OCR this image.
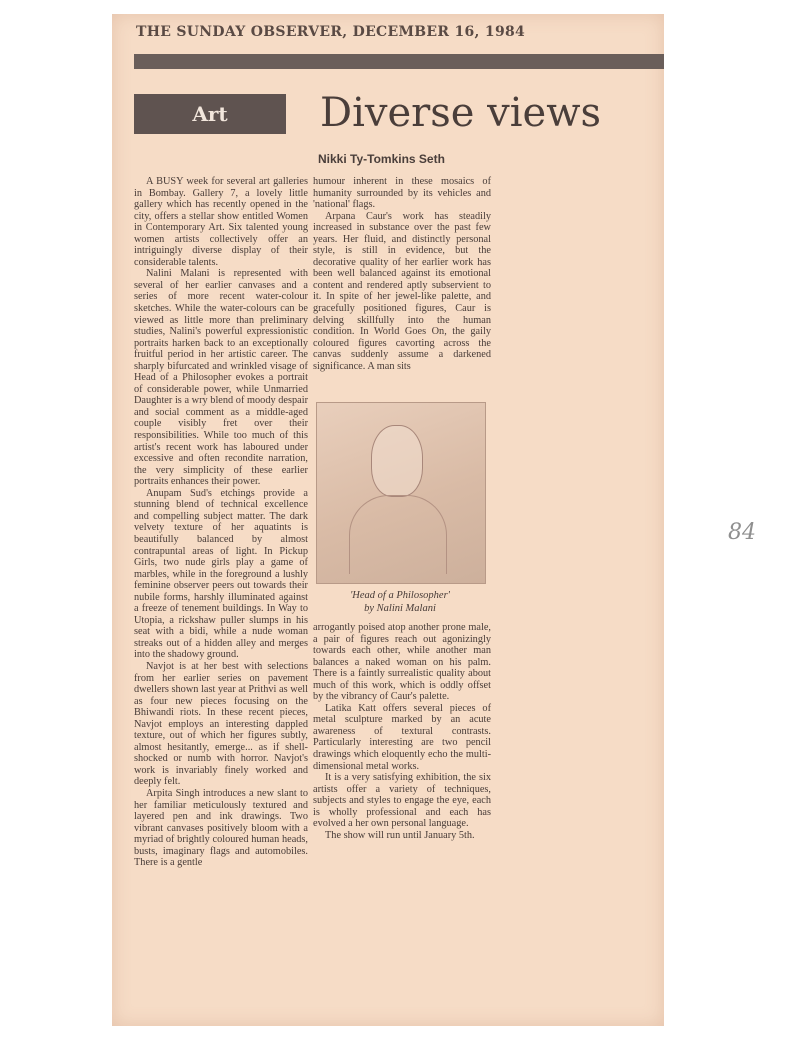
THE SUNDAY OBSERVER, DECEMBER 16, 1984
Art Diverse views
Nikki Ty-Tomkins Seth

A BUSY week for several art galleries in Bombay. Gallery 7, a lovely little gallery which has recently opened in the city, offers a stellar show entitled Women in Contemporary Art. Six talented young women artists collectively offer an intriguingly diverse display of their considerable talents.

Nalini Malani is represented with several of her earlier canvases and a series of more recent water-colour sketches. While the water-colours can be viewed as little more than preliminary studies, Nalini's powerful expressionistic portraits harken back to an exceptionally fruitful period in her artistic career. The sharply bifurcated and wrinkled visage of Head of a Philosopher evokes a portrait of considerable power, while Unmarried Daughter is a wry blend of moody despair and social comment as a middle-aged couple visibly fret over their responsibilities. While too much of this artist's recent work has laboured under excessive and often recondite narration, the very simplicity of these earlier portraits enhances their power.

Anupam Sud's etchings provide a stunning blend of technical excellence and compelling subject matter. The dark velvety texture of her aquatints is beautifully balanced by almost contrapuntal areas of light. In Pickup Girls, two nude girls play a game of marbles, while in the foreground a lushly feminine observer peers out towards their nubile forms, harshly illuminated against a freeze of tenement buildings. In Way to Utopia, a rickshaw puller slumps in his seat with a bidi, while a nude woman streaks out of a hidden alley and merges into the shadowy ground.

Navjot is at her best with selections from her earlier series on pavement dwellers shown last year at Prithvi as well as four new pieces focusing on the Bhiwandi riots. In these recent pieces, Navjot employs an interesting dappled texture, out of which her figures subtly, almost hesitantly, emerge... as if shell-shocked or numb with horror. Navjot's work is invariably finely worked and deeply felt.

Arpita Singh introduces a new slant to her familiar meticulously textured and layered pen and ink drawings. Two vibrant canvases positively bloom with a myriad of brightly coloured human heads, busts, imaginary flags and automobiles. There is a gentle

humour inherent in these mosaics of humanity surrounded by its vehicles and 'national' flags.

Arpana Caur's work has steadily increased in substance over the past few years. Her fluid, and distinctly personal style, is still in evidence, but the decorative quality of her earlier work has been well balanced against its emotional content and rendered aptly subservient to it. In spite of her jewel-like palette, and gracefully positioned figures, Caur is delving skillfully into the human condition. In World Goes On, the gaily coloured figures cavorting across the canvas suddenly assume a darkened significance. A man sits

'Head of a Philosopher'
by Nalini Malani

arrogantly poised atop another prone male, a pair of figures reach out agonizingly towards each other, while another man balances a naked woman on his palm. There is a faintly surrealistic quality about much of this work, which is oddly offset by the vibrancy of Caur's palette.

Latika Katt offers several pieces of metal sculpture marked by an acute awareness of textural contrasts. Particularly interesting are two pencil drawings which eloquently echo the multi-dimensional metal works.

It is a very satisfying exhibition, the six artists offer a variety of techniques, subjects and styles to engage the eye, each is wholly professional and each has evolved a her own personal language.

The show will run until January 5th.

84
